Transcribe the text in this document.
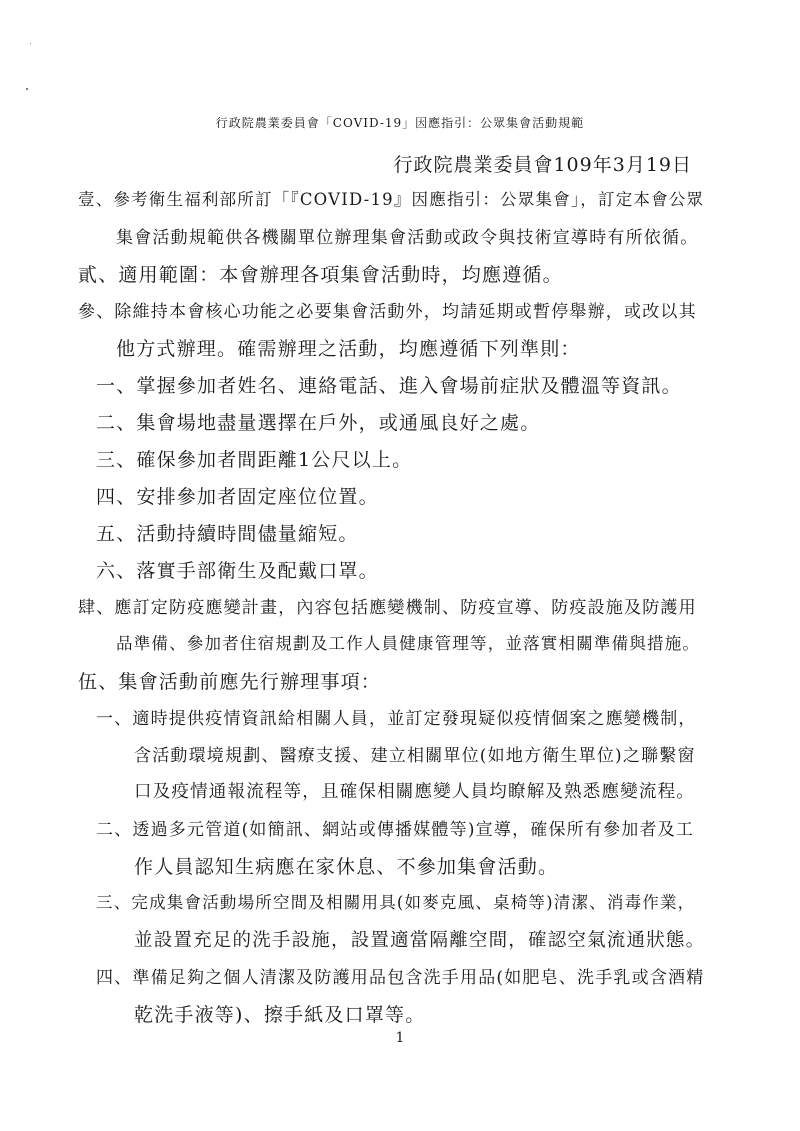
行政院農業委員會「COVID-19」因應指引：公眾集會活動規範
行政院農業委員會109年3月19日
壹、參考衛生福利部所訂「『COVID-19』因應指引：公眾集會」，訂定本會公眾
集會活動規範供各機關單位辦理集會活動或政令與技術宣導時有所依循。
貳、適用範圍：本會辦理各項集會活動時，均應遵循。
參、除維持本會核心功能之必要集會活動外，均請延期或暫停舉辦，或改以其
他方式辦理。確需辦理之活動，均應遵循下列準則：
一、掌握參加者姓名、連絡電話、進入會場前症狀及體溫等資訊。
二、集會場地盡量選擇在戶外，或通風良好之處。
三、確保參加者間距離1公尺以上。
四、安排參加者固定座位位置。
五、活動持續時間儘量縮短。
六、落實手部衛生及配戴口罩。
肆、應訂定防疫應變計畫，內容包括應變機制、防疫宣導、防疫設施及防護用
品準備、參加者住宿規劃及工作人員健康管理等，並落實相關準備與措施。
伍、集會活動前應先行辦理事項：
一、適時提供疫情資訊給相關人員，並訂定發現疑似疫情個案之應變機制，
含活動環境規劃、醫療支援、建立相關單位(如地方衛生單位)之聯繫窗
口及疫情通報流程等，且確保相關應變人員均瞭解及熟悉應變流程。
二、透過多元管道(如簡訊、網站或傳播媒體等)宣導，確保所有參加者及工
作人員認知生病應在家休息、不參加集會活動。
三、完成集會活動場所空間及相關用具(如麥克風、桌椅等)清潔、消毒作業，
並設置充足的洗手設施，設置適當隔離空間，確認空氣流通狀態。
四、準備足夠之個人清潔及防護用品包含洗手用品(如肥皂、洗手乳或含酒精
乾洗手液等)、擦手紙及口罩等。
1
